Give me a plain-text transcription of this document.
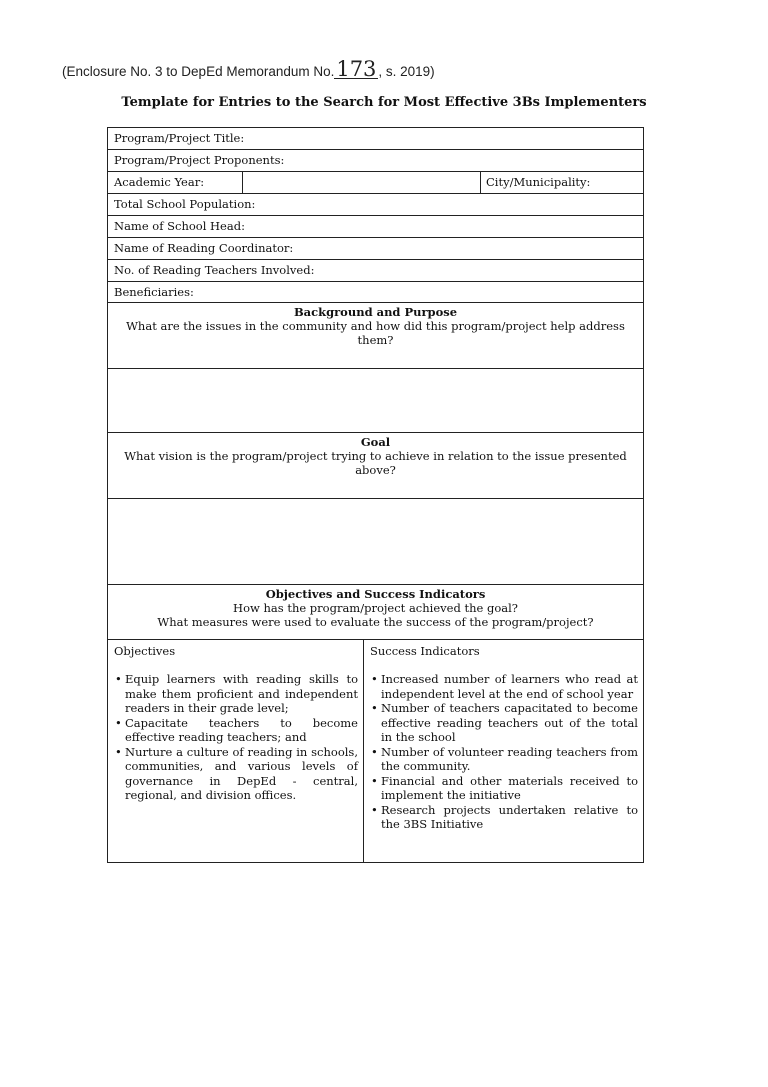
(Enclosure No. 3 to DepEd Memorandum No.173 , s. 2019)
Template for Entries to the Search for Most Effective 3Bs Implementers
Program/Project Title:
Program/Project Proponents:
Academic Year:	City/Municipality:
Total School Population:
Name of School Head:
Name of Reading Coordinator:
No. of Reading Teachers Involved:
Beneficiaries:
Background and Purpose
What are the issues in the community and how did this program/project help address
them?
Goal
What vision is the program/project trying to achieve in relation to the issue presented
above?
Objectives and Success Indicators
How has the program/project achieved the goal?
What measures were used to evaluate the success of the program/project?
Objectives
• Equip learners with reading skills to make them proficient and independent readers in their grade level;
• Capacitate teachers to become effective reading teachers; and
• Nurture a culture of reading in schools, communities, and various levels of governance in DepEd - central, regional, and division offices.
Success Indicators
• Increased number of learners who read at independent level at the end of school year
• Number of teachers capacitated to become effective reading teachers out of the total in the school
• Number of volunteer reading teachers from the community.
• Financial and other materials received to implement the initiative
• Research projects undertaken relative to the 3BS Initiative
